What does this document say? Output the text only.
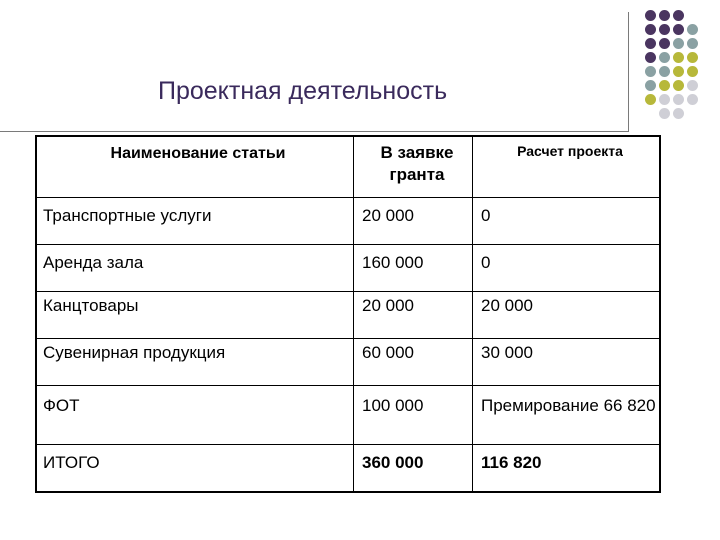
Проектная деятельность
Наименование статьи	В заявке гранта	Расчет проекта

Транспортные услуги	20 000	0

Аренда зала	160 000	0

Канцтовары	20 000	20 000

Сувенирная продукция	60 000	30 000

ФОТ	100 000	Премирование 66 820

ИТОГО	360 000	116 820
